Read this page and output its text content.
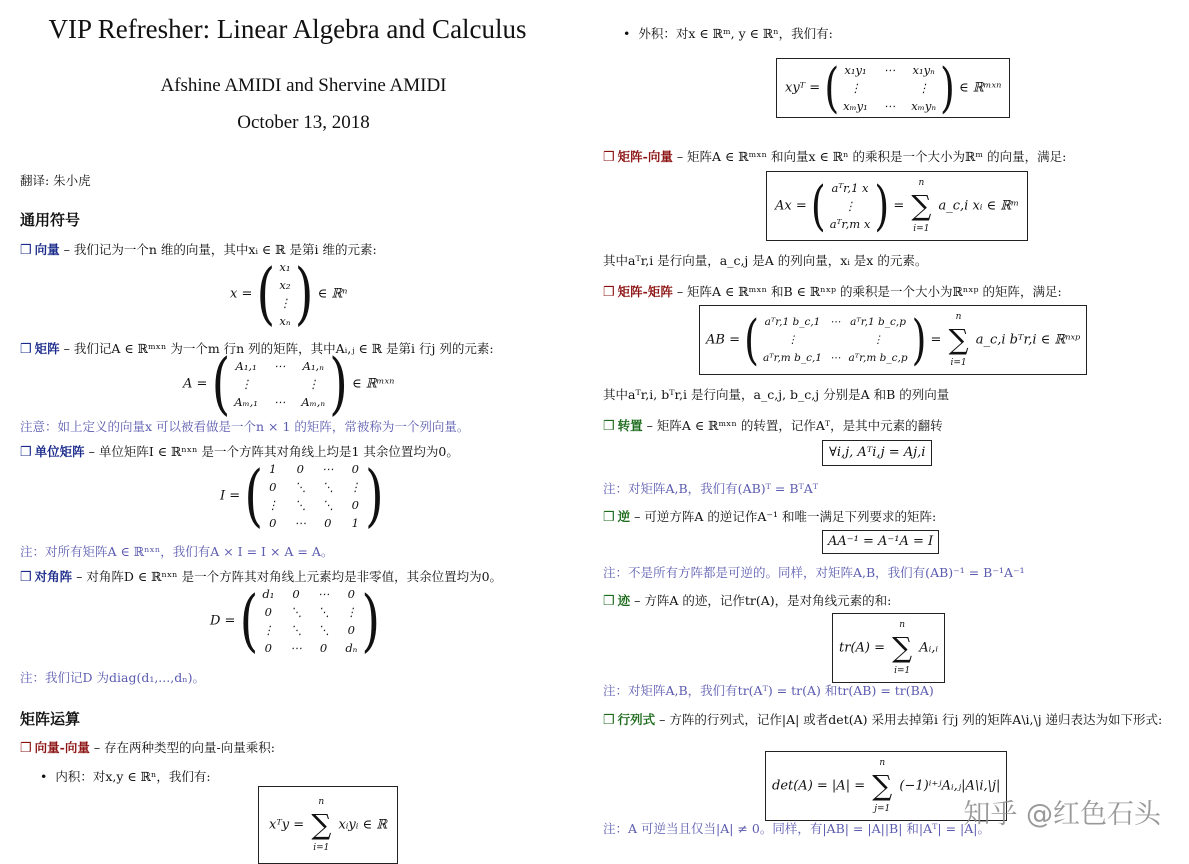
VIP Refresher: Linear Algebra and Calculus
Afshine AMIDI and Shervine AMIDI
October 13, 2018
翻译: 朱小虎
通用符号
❒ 向量 – 我们记为一个n 维的向量，其中xᵢ ∈ ℝ 是第i 维的元素:
x = ( x₁
x₂
⋮
xₙ ) ∈ ℝⁿ
❒ 矩阵 – 我们记A ∈ ℝᵐˣⁿ 为一个m 行n 列的矩阵，其中Aᵢ,ⱼ ∈ ℝ 是第i 行j 列的元素:
A = ( A₁,₁ ⋯ A₁,ₙ
⋮	⋮
Aₘ,₁ ⋯ Aₘ,ₙ ) ∈ ℝᵐˣⁿ
注意：如上定义的向量x 可以被看做是一个n × 1 的矩阵，常被称为一个列向量。
❒ 单位矩阵 – 单位矩阵I ∈ ℝⁿˣⁿ 是一个方阵其对角线上均是1 其余位置均为0。
I = ( 1 0 ⋯ 0
0 ⋱ ⋱ ⋮
⋮ ⋱ ⋱ 0
0 ⋯ 0 1 )
注：对所有矩阵A ∈ ℝⁿˣⁿ，我们有A × I = I × A = A。
❒ 对角阵 – 对角阵D ∈ ℝⁿˣⁿ 是一个方阵其对角线上元素均是非零值，其余位置均为0。
D = ( d₁ 0 ⋯ 0
0 ⋱ ⋱ ⋮
⋮ ⋱ ⋱ 0
0 ⋯ 0 dₙ )
注：我们记D 为diag(d₁,...,dₙ)。
矩阵运算
❒ 向量-向量 – 存在两种类型的向量-向量乘积:
• 内积：对x,y ∈ ℝⁿ，我们有:
xᵀy =
n
∑
i=1
xᵢyᵢ ∈ ℝ
• 外积：对x ∈ ℝᵐ, y ∈ ℝⁿ，我们有:
xyᵀ = ( x₁y₁ ⋯ x₁yₙ
⋮	⋮
xₘy₁ ⋯ xₘyₙ ) ∈ ℝᵐˣⁿ
❒ 矩阵-向量 – 矩阵A ∈ ℝᵐˣⁿ 和向量x ∈ ℝⁿ 的乘积是一个大小为ℝᵐ 的向量，满足:
Ax = ( aᵀr,1 x
⋮
aᵀr,m x ) =
n
∑
i=1
a_c,i xᵢ ∈ ℝᵐ
其中aᵀr,i 是行向量，a_c,j 是A 的列向量，xᵢ 是x 的元素。
❒ 矩阵-矩阵 – 矩阵A ∈ ℝᵐˣⁿ 和B ∈ ℝⁿˣᵖ 的乘积是一个大小为ℝⁿˣᵖ 的矩阵，满足:
AB = ( aᵀr,1 b_c,1 ⋯ aᵀr,1 b_c,p
⋮	⋮
aᵀr,m b_c,1 ⋯ aᵀr,m b_c,p ) =
n
∑
i=1
a_c,i bᵀr,i ∈ ℝⁿˣᵖ
其中aᵀr,i, bᵀr,i 是行向量，a_c,j, b_c,j 分别是A 和B 的列向量
❒ 转置 – 矩阵A ∈ ℝᵐˣⁿ 的转置，记作Aᵀ，是其中元素的翻转
∀i,j, Aᵀi,j = Aj,i
注：对矩阵A,B，我们有(AB)ᵀ = BᵀAᵀ
❒ 逆 – 可逆方阵A 的逆记作A⁻¹ 和唯一满足下列要求的矩阵:
AA⁻¹ = A⁻¹A = I
注：不是所有方阵都是可逆的。同样，对矩阵A,B，我们有(AB)⁻¹ = B⁻¹A⁻¹
❒ 迹 – 方阵A 的迹，记作tr(A)，是对角线元素的和:
tr(A) =
n
∑
i=1
Aᵢ,ᵢ
注：对矩阵A,B，我们有tr(Aᵀ) = tr(A) 和tr(AB) = tr(BA)
❒ 行列式 – 方阵的行列式，记作|A| 或者det(A) 采用去掉第i 行j 列的矩阵A\i,\j 递归表达为如下形式:
det(A) = |A| =
n
∑
j=1
(−1)ⁱ⁺ʲAᵢ,ⱼ|A\i,\j|
注：A 可逆当且仅当|A| ≠ 0。同样，有|AB| = |A||B| 和|Aᵀ| = |A|。
知乎 @红色石头
